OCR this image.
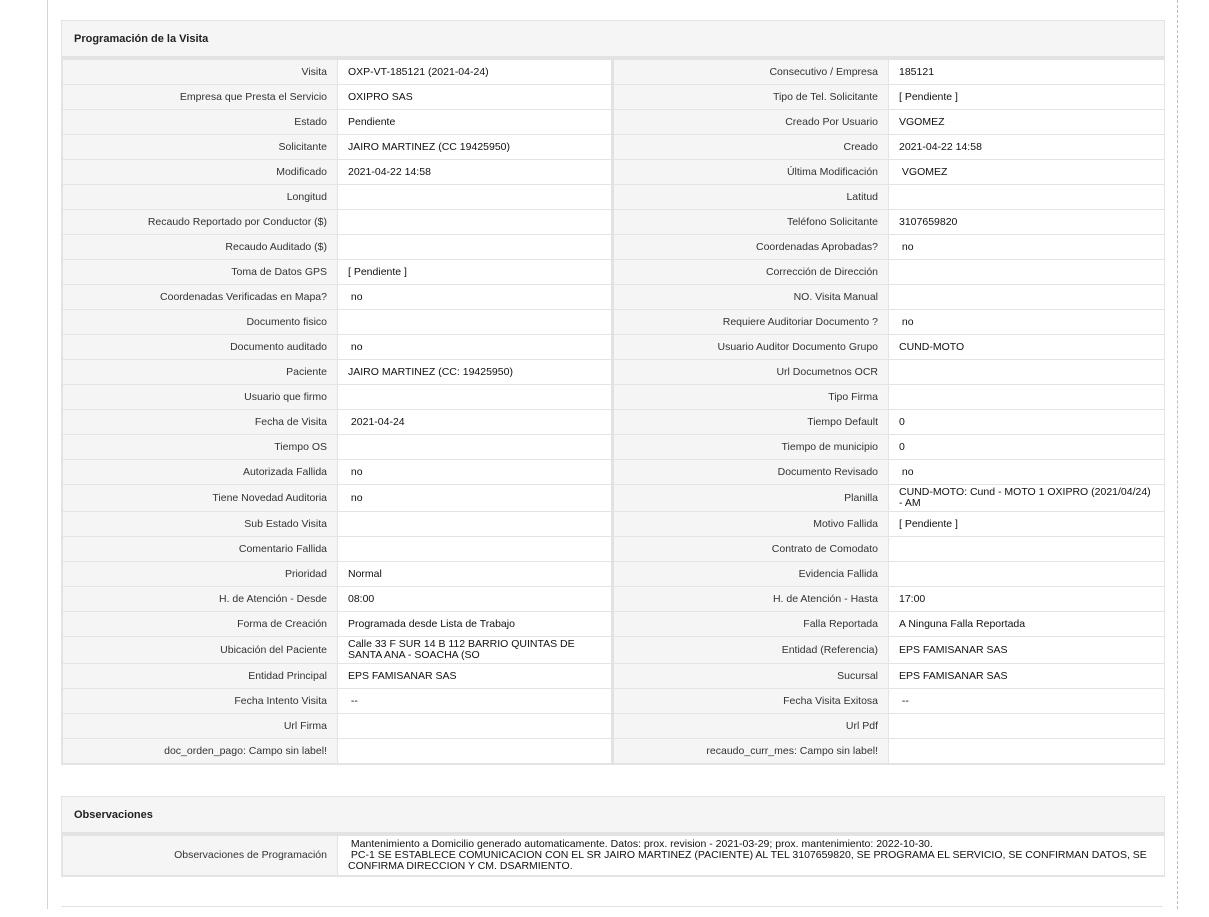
Programación de la Visita
Visita	OXP-VT-185121 (2021-04-24)	Consecutivo / Empresa	185121
Empresa que Presta el Servicio	OXIPRO SAS	Tipo de Tel. Solicitante	[ Pendiente ]
Estado	Pendiente	Creado Por Usuario	VGOMEZ
Solicitante	JAIRO MARTINEZ (CC 19425950)	Creado	2021-04-22 14:58
Modificado	2021-04-22 14:58	Última Modificación	VGOMEZ
Longitud		Latitud	
Recaudo Reportado por Conductor ($)		Teléfono Solicitante	3107659820
Recaudo Auditado ($)		Coordenadas Aprobadas?	no
Toma de Datos GPS	[ Pendiente ]	Corrección de Dirección	
Coordenadas Verificadas en Mapa?	no	NO. Visita Manual	
Documento fisico		Requiere Auditoriar Documento ?	no
Documento auditado	no	Usuario Auditor Documento Grupo	CUND-MOTO
Paciente	JAIRO MARTINEZ (CC: 19425950)	Url Documetnos OCR	
Usuario que firmo		Tipo Firma	
Fecha de Visita	2021-04-24	Tiempo Default	0
Tiempo OS		Tiempo de municipio	0
Autorizada Fallida	no	Documento Revisado	no
Tiene Novedad Auditoria	no	Planilla	CUND-MOTO: Cund - MOTO 1 OXIPRO (2021/04/24) - AM
Sub Estado Visita		Motivo Fallida	[ Pendiente ]
Comentario Fallida		Contrato de Comodato	
Prioridad	Normal	Evidencia Fallida	
H. de Atención - Desde	08:00	H. de Atención - Hasta	17:00
Forma de Creación	Programada desde Lista de Trabajo	Falla Reportada	A Ninguna Falla Reportada
Ubicación del Paciente	Calle 33 F SUR 14 B 112 BARRIO QUINTAS DE SANTA ANA - SOACHA (SO	Entidad (Referencia)	EPS FAMISANAR SAS
Entidad Principal	EPS FAMISANAR SAS	Sucursal	EPS FAMISANAR SAS
Fecha Intento Visita	--	Fecha Visita Exitosa	--
Url Firma		Url Pdf	
doc_orden_pago: Campo sin label!		recaudo_curr_mes: Campo sin label!	
Observaciones
Observaciones de Programación	
Mantenimiento a Domicilio generado automaticamente. Datos: prox. revision - 2021-03-29; prox. mantenimiento: 2022-10-30.
PC-1 SE ESTABLECE COMUNICACION CON EL SR JAIRO MARTINEZ (PACIENTE) AL TEL 3107659820, SE PROGRAMA EL SERVICIO, SE CONFIRMAN DATOS, SE CONFIRMA DIRECCION Y CM. DSARMIENTO.
